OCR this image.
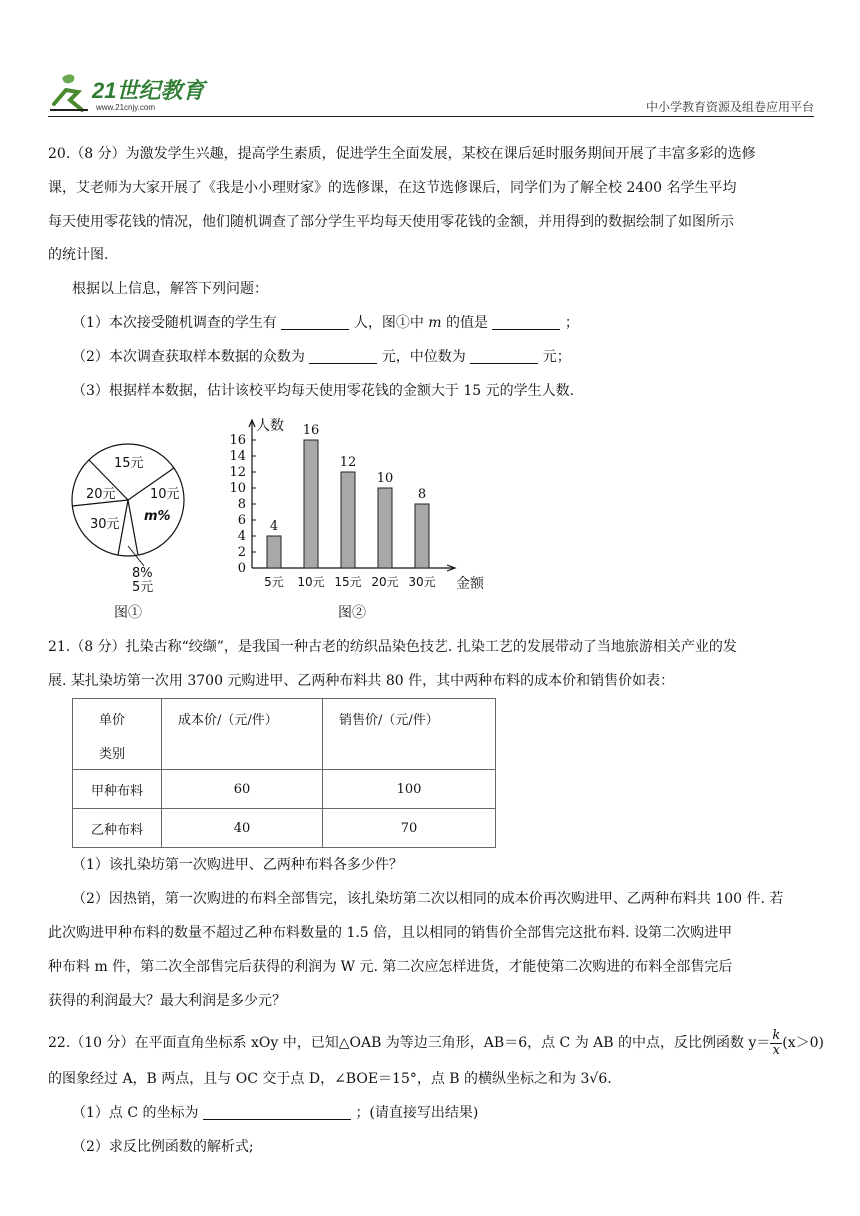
21世纪教育
www.21cnjy.com	中小学教育资源及组卷应用平台
20.（8 分）为激发学生兴趣，提高学生素质，促进学生全面发展，某校在课后延时服务期间开展了丰富多彩的选修
课，艾老师为大家开展了《我是小小理财家》的选修课，在这节选修课后，同学们为了解全校 2400 名学生平均
每天使用零花钱的情况，他们随机调查了部分学生平均每天使用零花钱的金额，并用得到的数据绘制了如图所示
的统计图.
根据以上信息，解答下列问题：
（1）本次接受随机调查的学生有	人，图①中 m 的值是	；
（2）本次调查获取样本数据的众数为	元，中位数为	元；
（3）根据样本数据，估计该校平均每天使用零花钱的金额大于 15 元的学生人数.
15元
10元
m%
20元
30元
8%
5元
图①
0
2
4
6
8
10
12
14
16
人数
金额
4
5元
16
10元
12
15元
10
20元
8
30元
图②
21.（8 分）扎染古称“绞缬”，是我国一种古老的纺织品染色技艺. 扎染工艺的发展带动了当地旅游相关产业的发
展. 某扎染坊第一次用 3700 元购进甲、乙两种布料共 80 件，其中两种布料的成本价和销售价如表：
单价
类别	成本价/（元/件）	销售价/（元/件）
甲种布料	60	100
乙种布料	40	70
（1）该扎染坊第一次购进甲、乙两种布料各多少件？
（2）因热销，第一次购进的布料全部售完，该扎染坊第二次以相同的成本价再次购进甲、乙两种布料共 100 件. 若
此次购进甲种布料的数量不超过乙种布料数量的 1.5 倍，且以相同的销售价全部售完这批布料. 设第二次购进甲
种布料 m 件，第二次全部售完后获得的利润为 W 元. 第二次应怎样进货，才能使第二次购进的布料全部售完后
获得的利润最大？最大利润是多少元？
22.（10 分）在平面直角坐标系 xOy 中，已知△OAB 为等边三角形，AB＝6，点 C 为 AB 的中点，反比例函数 $y= \frac{k}{x} (x>0)$
的图象经过 A，B 两点，且与 OC 交于点 D，∠BOE＝15°，点 B 的横纵坐标之和为 3√6.
（1）点 C 的坐标为	；(请直接写出结果)
（2）求反比例函数的解析式;
